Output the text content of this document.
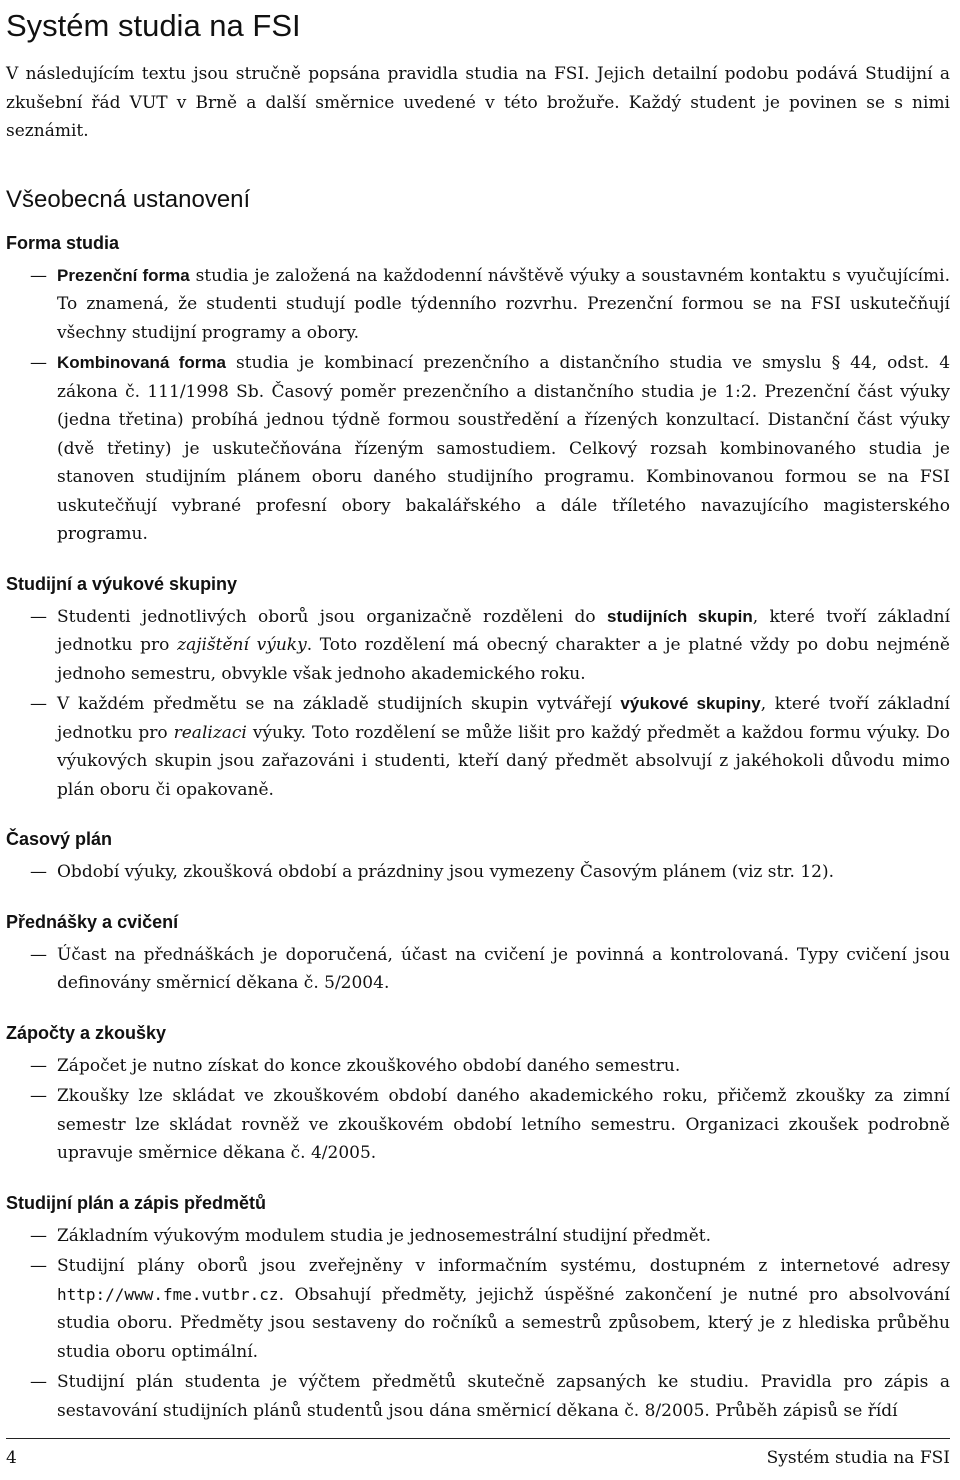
Systém studia na FSI

V následujícím textu jsou stručně popsána pravidla studia na FSI. Jejich detailní podobu podává Studijní a zkušební řád VUT v Brně a další směrnice uvedené v této brožuře. Každý student je povinen se s nimi seznámit.

Všeobecná ustanovení
Forma studia
— Prezenční forma studia je založená na každodenní návštěvě výuky a soustavném kontaktu s vyučujícími. To znamená, že studenti studují podle týdenního rozvrhu. Prezenční formou se na FSI uskutečňují všechny studijní programy a obory.
— Kombinovaná forma studia je kombinací prezenčního a distančního studia ve smyslu § 44, odst. 4 zákona č. 111/1998 Sb. Časový poměr prezenčního a distančního studia je 1:2. Prezenční část výuky (jedna třetina) probíhá jednou týdně formou soustředění a řízených konzultací. Distanční část výuky (dvě třetiny) je uskutečňována řízeným samostudiem. Celkový rozsah kombinovaného studia je stanoven studijním plánem oboru daného studijního programu. Kombinovanou formou se na FSI uskutečňují vybrané profesní obory bakalářského a dále tříletého navazujícího magisterského programu.
Studijní a výukové skupiny
— Studenti jednotlivých oborů jsou organizačně rozděleni do studijních skupin, které tvoří základní jednotku pro zajištění výuky. Toto rozdělení má obecný charakter a je platné vždy po dobu nejméně jednoho semestru, obvykle však jednoho akademického roku.
— V každém předmětu se na základě studijních skupin vytvářejí výukové skupiny, které tvoří základní jednotku pro realizaci výuky. Toto rozdělení se může lišit pro každý předmět a každou formu výuky. Do výukových skupin jsou zařazováni i studenti, kteří daný předmět absolvují z jakéhokoli důvodu mimo plán oboru či opakovaně.
Časový plán
— Období výuky, zkoušková období a prázdniny jsou vymezeny Časovým plánem (viz str. 12).
Přednášky a cvičení
— Účast na přednáškách je doporučená, účast na cvičení je povinná a kontrolovaná. Typy cvičení jsou definovány směrnicí děkana č. 5/2004.
Zápočty a zkoušky
— Zápočet je nutno získat do konce zkouškového období daného semestru.
— Zkoušky lze skládat ve zkouškovém období daného akademického roku, přičemž zkoušky za zimní semestr lze skládat rovněž ve zkouškovém období letního semestru. Organizaci zkoušek podrobně upravuje směrnice děkana č. 4/2005.
Studijní plán a zápis předmětů
— Základním výukovým modulem studia je jednosemestrální studijní předmět.
— Studijní plány oborů jsou zveřejněny v informačním systému, dostupném z internetové adresy http://www.fme.vutbr.cz. Obsahují předměty, jejichž úspěšné zakončení je nutné pro absolvování studia oboru. Předměty jsou sestaveny do ročníků a semestrů způsobem, který je z hlediska průběhu studia oboru optimální.
— Studijní plán studenta je výčtem předmětů skutečně zapsaných ke studiu. Pravidla pro zápis a sestavování studijních plánů studentů jsou dána směrnicí děkana č. 8/2005. Průběh zápisů se řídí
4	Systém studia na FSI
